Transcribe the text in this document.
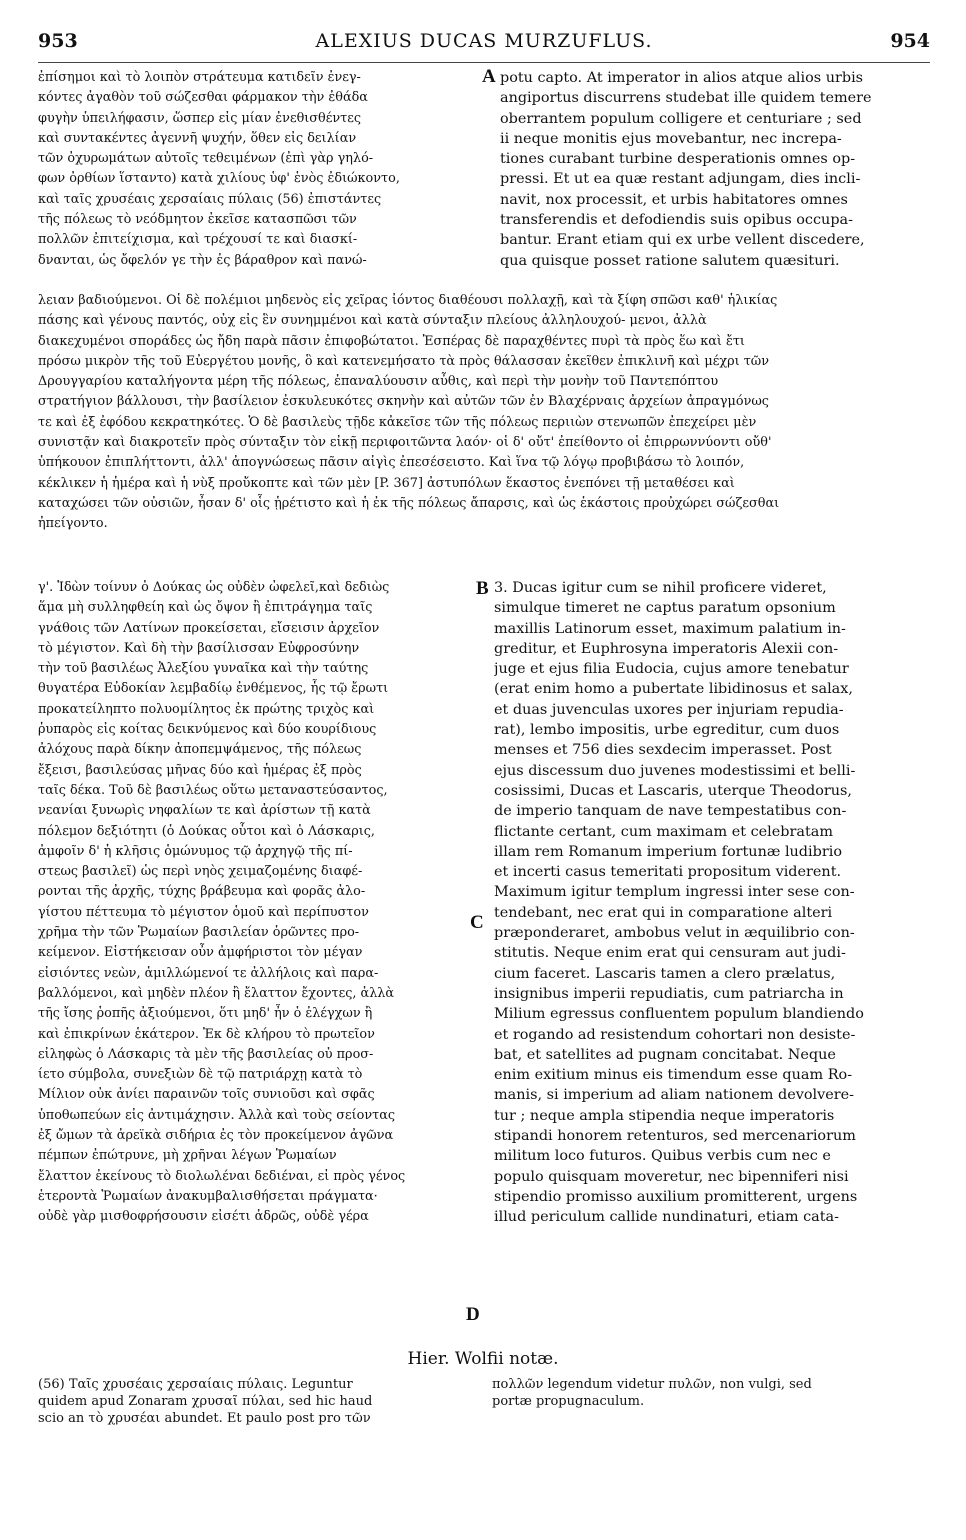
953	ALEXIUS DUCAS MURZUFLUS.	954
ἐπίσημοι καὶ τὸ λοιπὸν στράτευμα κατιδεῖν ἐνεγ-
κόντες ἀγαθὸν τοῦ σώζεσθαι φάρμακον τὴν ἐθάδα
φυγὴν ὑπειλήφασιν, ὥσπερ εἰς μίαν ἐνεθισθέντες
καὶ συντακέντες ἀγεννῆ ψυχήν, ὅθεν εἰς δειλίαν
τῶν ὀχυρωμάτων αὐτοῖς τεθειμένων (ἐπὶ γὰρ γηλό-
φων ὀρθίων ἵσταντο) κατὰ χιλίους ὑφ' ἑνὸς ἐδιώκοντο,
καὶ ταῖς χρυσέαις χερσαίαις πύλαις (56) ἐπιστάντες
τῆς πόλεως τὸ νεόδμητον ἐκεῖσε κατασπῶσι τῶν
πολλῶν ἐπιτείχισμα, καὶ τρέχουσί τε καὶ διασκί-
δνανται, ὡς ὄφελόν γε τὴν ἐς βάραθρον καὶ πανώ-
potu capto. At imperator in alios atque alios urbis
angiportus discurrens studebat ille quidem temere
oberrantem populum colligere et centuriare ; sed
ii neque monitis ejus movebantur, nec increpa-
tiones curabant turbine desperationis omnes op-
pressi. Et ut ea quæ restant adjungam, dies incli-
navit, nox processit, et urbis habitatores omnes
transferendis et defodiendis suis opibus occupa-
bantur. Erant etiam qui ex urbe vellent discedere,
qua quisque posset ratione salutem quæsituri.
A
λειαν βαδιούμενοι. Οἱ δὲ πολέμιοι μηδενὸς εἰς χεῖρας ἰόντος διαθέουσι πολλαχῇ, καὶ τὰ ξίφη σπῶσι καθ' ἡλικίας
πάσης καὶ γένους παντός, οὐχ εἰς ἓν συνημμένοι καὶ κατὰ σύνταξιν πλείους ἀλληλουχού- μενοι, ἀλλὰ
διακεχυμένοι σποράδες ὡς ἤδη παρὰ πᾶσιν ἐπιφοβώτατοι. Ἑσπέρας δὲ παραχθέντες πυρὶ τὰ πρὸς ἕω καὶ ἔτι
πρόσω μικρὸν τῆς τοῦ Εὐεργέτου μονῆς, ὃ καὶ κατενεμήσατο τὰ πρὸς θάλασσαν ἐκεῖθεν ἐπικλινῆ καὶ μέχρι τῶν
Δρουγγαρίου καταλήγοντα μέρη τῆς πόλεως, ἐπαναλύουσιν αὖθις, καὶ περὶ τὴν μονὴν τοῦ Παντεπόπτου
στρατήγιον βάλλουσι, τὴν βασίλειον ἐσκυλευκότες σκηνὴν καὶ αὐτῶν τῶν ἐν Βλαχέρναις ἀρχείων ἀπραγμόνως
τε καὶ ἐξ ἐφόδου κεκρατηκότες. Ὁ δὲ βασιλεὺς τῇδε κἀκεῖσε τῶν τῆς πόλεως περιιὼν στενωπῶν ἐπεχείρει μὲν
συνιστᾷν καὶ διακροτεῖν πρὸς σύνταξιν τὸν εἰκῇ περιφοιτῶντα λαόν· οἱ δ' οὔτ' ἐπείθοντο οἱ ἐπιρρωννύοντι οὔθ'
ὑπήκουον ἐπιπλήττοντι, ἀλλ' ἀπογνώσεως πᾶσιν αἰγὶς ἐπεσέσειστο. Καὶ ἵνα τῷ λόγῳ προβιβάσω τὸ λοιπόν,
κέκλικεν ἡ ἡμέρα καὶ ἡ νὺξ προὔκοπτε καὶ τῶν μὲν [P. 367] ἀστυπόλων ἕκαστος ἐνεπόνει τῇ μεταθέσει καὶ
καταχώσει τῶν οὐσιῶν, ἦσαν δ' οἷς ᾑρέτιστο καὶ ἡ ἐκ τῆς πόλεως ἄπαρσις, καὶ ὡς ἑκάστοις προὐχώρει σώζεσθαι
ἠπείγοντο.
B
C
D
γ'. Ἰδὼν τοίνυν ὁ Δούκας ὡς οὐδὲν ὠφελεῖ,καὶ δεδιὼς
ἅμα μὴ συλληφθείη καὶ ὡς ὄψον ἢ ἐπιτράγημα ταῖς
γνάθοις τῶν Λατίνων προκείσεται, εἴσεισιν ἀρχεῖον
τὸ μέγιστον. Καὶ δὴ τὴν βασίλισσαν Εὐφροσύνην
τὴν τοῦ βασιλέως Ἀλεξίου γυναῖκα καὶ τὴν ταύτης
θυγατέρα Εὐδοκίαν λεμβαδίῳ ἐνθέμενος, ἧς τῷ ἔρωτι
προκατείληπτο πολυομίλητος ἐκ πρώτης τριχὸς καὶ
ῥυπαρὸς εἰς κοίτας δεικνύμενος καὶ δύο κουρίδιους
ἀλόχους παρὰ δίκην ἀποπεμψάμενος, τῆς πόλεως
ἔξεισι, βασιλεύσας μῆνας δύο καὶ ἡμέρας ἐξ πρὸς
ταῖς δέκα. Τοῦ δὲ βασιλέως οὕτω μεταναστεύσαντος,
νεανίαι ξυνωρὶς νηφαλίων τε καὶ ἀρίστων τῇ κατὰ
πόλεμον δεξιότητι (ὁ Δούκας οὗτοι καὶ ὁ Λάσκαρις,
ἀμφοῖν δ' ἡ κλῆσις ὁμώνυμος τῷ ἀρχηγῷ τῆς πί-
στεως βασιλεῖ) ὡς περὶ νηὸς χειμαζομένης διαφέ-
ρονται τῆς ἀρχῆς, τύχης βράβευμα καὶ φορᾶς ἀλο-
γίστου πέττευμα τὸ μέγιστον ὁμοῦ καὶ περίπυστον
χρῆμα τὴν τῶν Ῥωμαίων βασιλείαν ὁρῶντες προ-
κείμενον. Εἱστήκεισαν οὖν ἀμφήριστοι τὸν μέγαν
εἰσιόντες νεὼν, ἁμιλλώμενοί τε ἀλλήλοις καὶ παρα-
βαλλόμενοι, καὶ μηδὲν πλέον ἢ ἔλαττον ἔχοντες, ἀλλὰ
τῆς ἴσης ῥοπῆς ἀξιούμενοι, ὅτι μηδ' ἦν ὁ ἐλέγχων ἢ
καὶ ἐπικρίνων ἑκάτερον. Ἐκ δὲ κλήρου τὸ πρωτεῖον
εἰληφὼς ὁ Λάσκαρις τὰ μὲν τῆς βασιλείας οὐ προσ-
ίετο σύμβολα, συνεξιὼν δὲ τῷ πατριάρχῃ κατὰ τὸ
Μίλιον οὐκ ἀνίει παραινῶν τοῖς συνιοῦσι καὶ σφᾶς
ὑποθωπεύων εἰς ἀντιμάχησιν. Ἀλλὰ καὶ τοὺς σείοντας
ἐξ ὤμων τὰ ἀρεϊκὰ σιδήρια ἐς τὸν προκείμενον ἀγῶνα
πέμπων ἐπώτρυνε, μὴ χρῆναι λέγων Ῥωμαίων
ἔλαττον ἐκείνους τὸ διολωλέναι δεδιέναι, εἰ πρὸς γένος
ἑτεροντὰ Ῥωμαίων ἀνακυμβαλισθήσεται πράγματα·
οὐδὲ γὰρ μισθοφρήσουσιν εἰσέτι ἀδρῶς, οὐδὲ γέρα
3. Ducas igitur cum se nihil proficere videret,
simulque timeret ne captus paratum opsonium
maxillis Latinorum esset, maximum palatium in-
greditur, et Euphrosyna imperatoris Alexii con-
juge et ejus filia Eudocia, cujus amore tenebatur
(erat enim homo a pubertate libidinosus et salax,
et duas juvenculas uxores per injuriam repudia-
rat), lembo impositis, urbe egreditur, cum duos
menses et 756 dies sexdecim imperasset. Post
ejus discessum duo juvenes modestissimi et belli-
cosissimi, Ducas et Lascaris, uterque Theodorus,
de imperio tanquam de nave tempestatibus con-
flictante certant, cum maximam et celebratam
illam rem Romanum imperium fortunæ ludibrio
et incerti casus temeritati propositum viderent.
Maximum igitur templum ingressi inter sese con-
tendebant, nec erat qui in comparatione alteri
præponderaret, ambobus velut in æquilibrio con-
stitutis. Neque enim erat qui censuram aut judi-
cium faceret. Lascaris tamen a clero prælatus,
insignibus imperii repudiatis, cum patriarcha in
Milium egressus confluentem populum blandiendo
et rogando ad resistendum cohortari non desiste-
bat, et satellites ad pugnam concitabat. Neque
enim exitium minus eis timendum esse quam Ro-
manis, si imperium ad aliam nationem devolvere-
tur ; neque ampla stipendia neque imperatoris
stipandi honorem retenturos, sed mercenariorum
militum loco futuros. Quibus verbis cum nec e
populo quisquam moveretur, nec bipenniferi nisi
stipendio promisso auxilium promitterent, urgens
illud periculum callide nundinaturi, etiam cata-
Hier. Wolfii notæ.
(56) Ταῖς χρυσέαις χερσαίαις πύλαις. Leguntur
quidem apud Zonaram χρυσαῖ πύλαι, sed hic haud
scio an τὸ χρυσέαι abundet. Et paulo post pro τῶν
πολλῶν legendum videtur πυλῶν, non vulgi, sed
portæ propugnaculum.
